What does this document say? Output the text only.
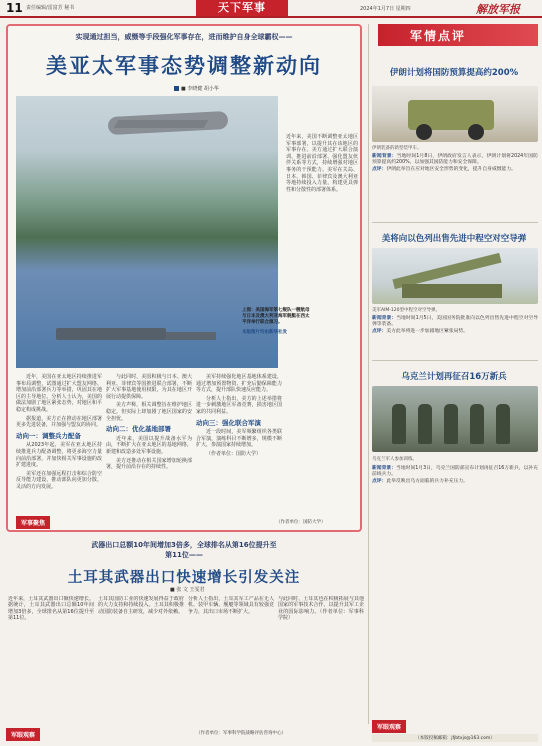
11 责任编辑/雷富芳 秘书	天下军事	2024年1月7日 星期四	解放军报
实现通过担当，威慑等手段强化军事存在，进而维护自身全球霸权——
美亚太军事态势调整新动向
■ 李晓健 胡小华
上图：美国海军第七舰队一艘航母与日本及澳大利亚海军舰艇在西太平洋举行联合演习。
本版图片均由新华社发
近年来，美国不断调整亚太地区军事部署，以提升其在该地区的军事存在。美方通过扩大联合演训、推进前沿部署、强化盟友伙伴关系等方式，持续增强对地区事务的干预能力。美军在关岛、日本、韩国、菲律宾及澳大利亚等地持续投入力量，构建更具弹性和分散性的部署体系。

近年，美国在亚太地区持续推进军事布局调整，试图通过扩大盟友网络、增加前沿部署兵力等举措，巩固其在地区的主导地位。分析人士认为，美国的做法加剧了地区紧张态势，对地区和平稳定构成挑战。

据报道，美方正在推动在地区部署更多先进装备，并加强与盟友的协同。

动向一：调整兵力配备

从2023年起，美军在亚太地区持续推进兵力配备调整，将更多海空力量向前沿部署，并加快相关军事设施的改扩建进度。

美军还在加强远程打击和综合防空反导能力建设，推动部队向更加分散、灵活的方向发展。

与此同时，美国积极与日本、澳大利亚、菲律宾等国推进联合部署，不断扩大军事基地使用权限，为其在地区开展行动提供保障。

美方声称，相关调整旨在维护地区稳定，但实际上却加剧了地区国家的安全担忧。

动向二：优化基地部署

近年来，美国以提升战备水平为由，不断扩大在亚太地区的基地网络，新建和改造多处军事设施。

美方还推动在相关国家增加轮换部署，提升前沿存在的持续性。

美军持续强化地区基地体系建设，通过增加预置物资、扩充后勤保障能力等方式，提升部队快速反应能力。

分析人士指出，美方的上述举措将进一步刺激地区军备竞赛，损害地区国家的共同利益。

动向三：强化联合军演

近一段时间，美军频繁组织各类联合军演，演练科目不断增多，规模不断扩大，参演国家持续增加。

（作者单位：国防大学）

军事聚焦	（作者单位：国防大学）
军情点评
伊朗计划将国防预算提高约200%
伊朗装备的新型装甲车。
新闻背景：当地时间1月8日，伊朗政府发言人表示，伊朗计划将2024年国防预算提高约200%，以加强其国防能力和安全保障。
点评：伊朗此举旨在应对地区安全形势的变化，提升自身威慑能力。
美将向以色列出售先进中程空对空导弹
美军AIM-120型中程空对空导弹。
新闻背景：当地时间1月5日，美国国务院批准向以色列出售先进中程空对空导弹等装备。
点评：美方此举将进一步加剧地区紧张局势。
乌克兰计划再征召16万新兵
乌克兰军人参加训练。
新闻背景：当地时间1月3日，乌克兰国防部宣布计划再征召16万新兵，以补充前线兵力。
点评：此举反映出乌方面临的兵力补充压力。
军眼观察
（本版投稿邮箱：jfjbtxjs@163.com）
武器出口总额10年间增加3倍多，全球排名从第16位提升至
第11位——
土耳其武器出口快速增长引发关注
■ 张 文 王雯君
近年来，土耳其武器出口额快速增长。据统计，土耳其武器出口总额10年间增加3倍多，全球排名从第16位提升至第11位。
土耳其国防工业的快速发展得益于政府的大力支持和持续投入。土耳其积极推动国防装备自主研发，减少对外依赖。
分析人士指出，土耳其军工产品在无人机、装甲车辆、舰艇等领域具有较强竞争力，其出口市场不断扩大。
与此同时，土耳其也在积极拓展与其他国家的军事技术合作，以提升其军工企业的国际影响力。（作者单位：军事科学院）
军眼观察	（作者单位：军事科学院战略评估咨询中心）
